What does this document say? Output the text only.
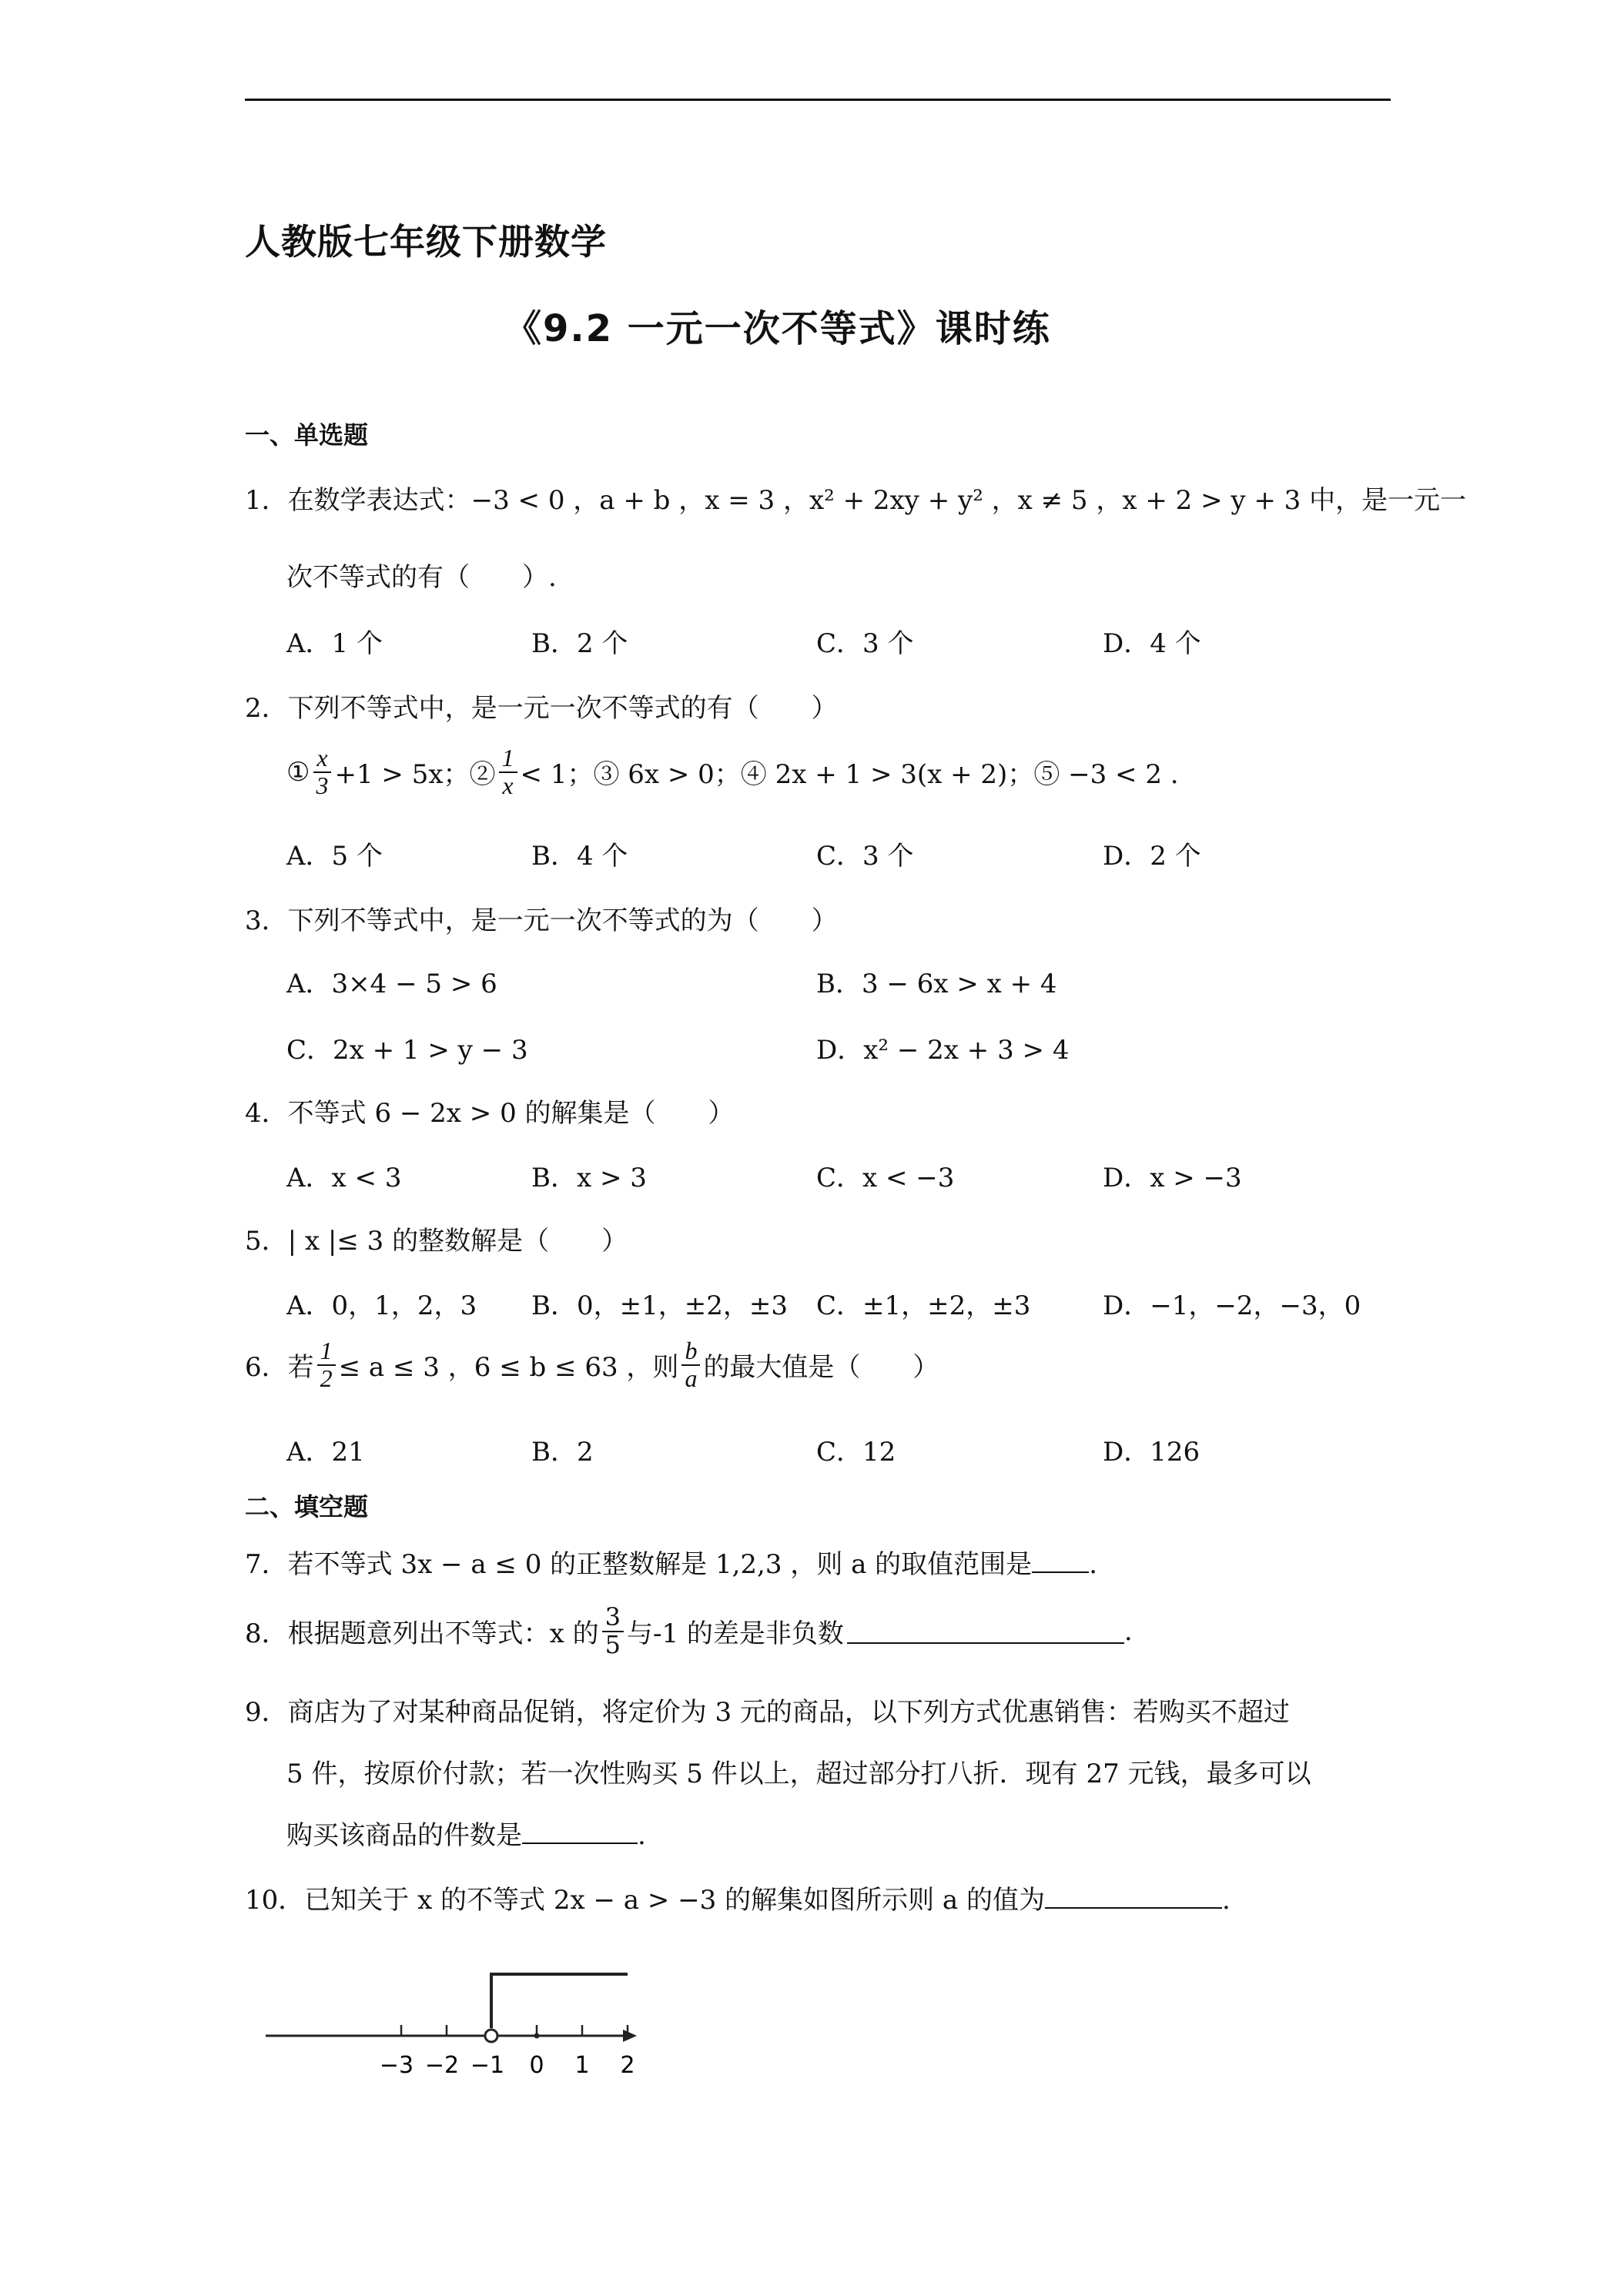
人教版七年级下册数学
《9.2 一元一次不等式》课时练
一、单选题
1．在数学表达式：−3 < 0 ，a + b ，x = 3 ，x² + 2xy + y² ，x ≠ 5 ，x + 2 > y + 3 中，是一元一
次不等式的有（　　）.
A．1 个	B．2 个	C．3 个	D．4 个
2．下列不等式中，是一元一次不等式的有（　　）
① $\frac{x}{3} +1 > 5x$；② $\frac{1}{x} < 1$；③ 6x > 0；④ 2x + 1 > 3(x + 2)；⑤ −3 < 2 .
A．5 个	B．4 个	C．3 个	D．2 个
3．下列不等式中，是一元一次不等式的为（　　）
A．3×4 − 5 > 6	B．3 − 6x > x + 4
C．2x + 1 > y − 3	D．x² − 2x + 3 > 4
4．不等式 6 − 2x > 0 的解集是（　　）
A．x < 3	B．x > 3	C．x < −3	D．x > −3
5．| x |≤ 3 的整数解是（　　）
A．0，1，2，3 B．0，±1，±2，±3 C．±1，±2，±3	D．−1，−2，−3，0
6．若 $\frac{1}{2} \le a \le 3$ ，6 ≤ b ≤ 63 ，则 $\frac{b}{a}$ 的最大值是（　　）
A．21	B．2	C．12	D．126
二、填空题
7．若不等式 3x − a ≤ 0 的正整数解是 1,2,3 ，则 a 的取值范围是 .
8．根据题意列出不等式：x 的 $\frac{3}{5}$ 与-1 的差是非负数	.
9．商店为了对某种商品促销，将定价为 3 元的商品，以下列方式优惠销售：若购买不超过
5 件，按原价付款；若一次性购买 5 件以上，超过部分打八折．现有 27 元钱，最多可以
购买该商品的件数是	.
10．已知关于 x 的不等式 2x − a > −3 的解集如图所示则 a 的值为	.
−3 −2 −1 0 1 2
